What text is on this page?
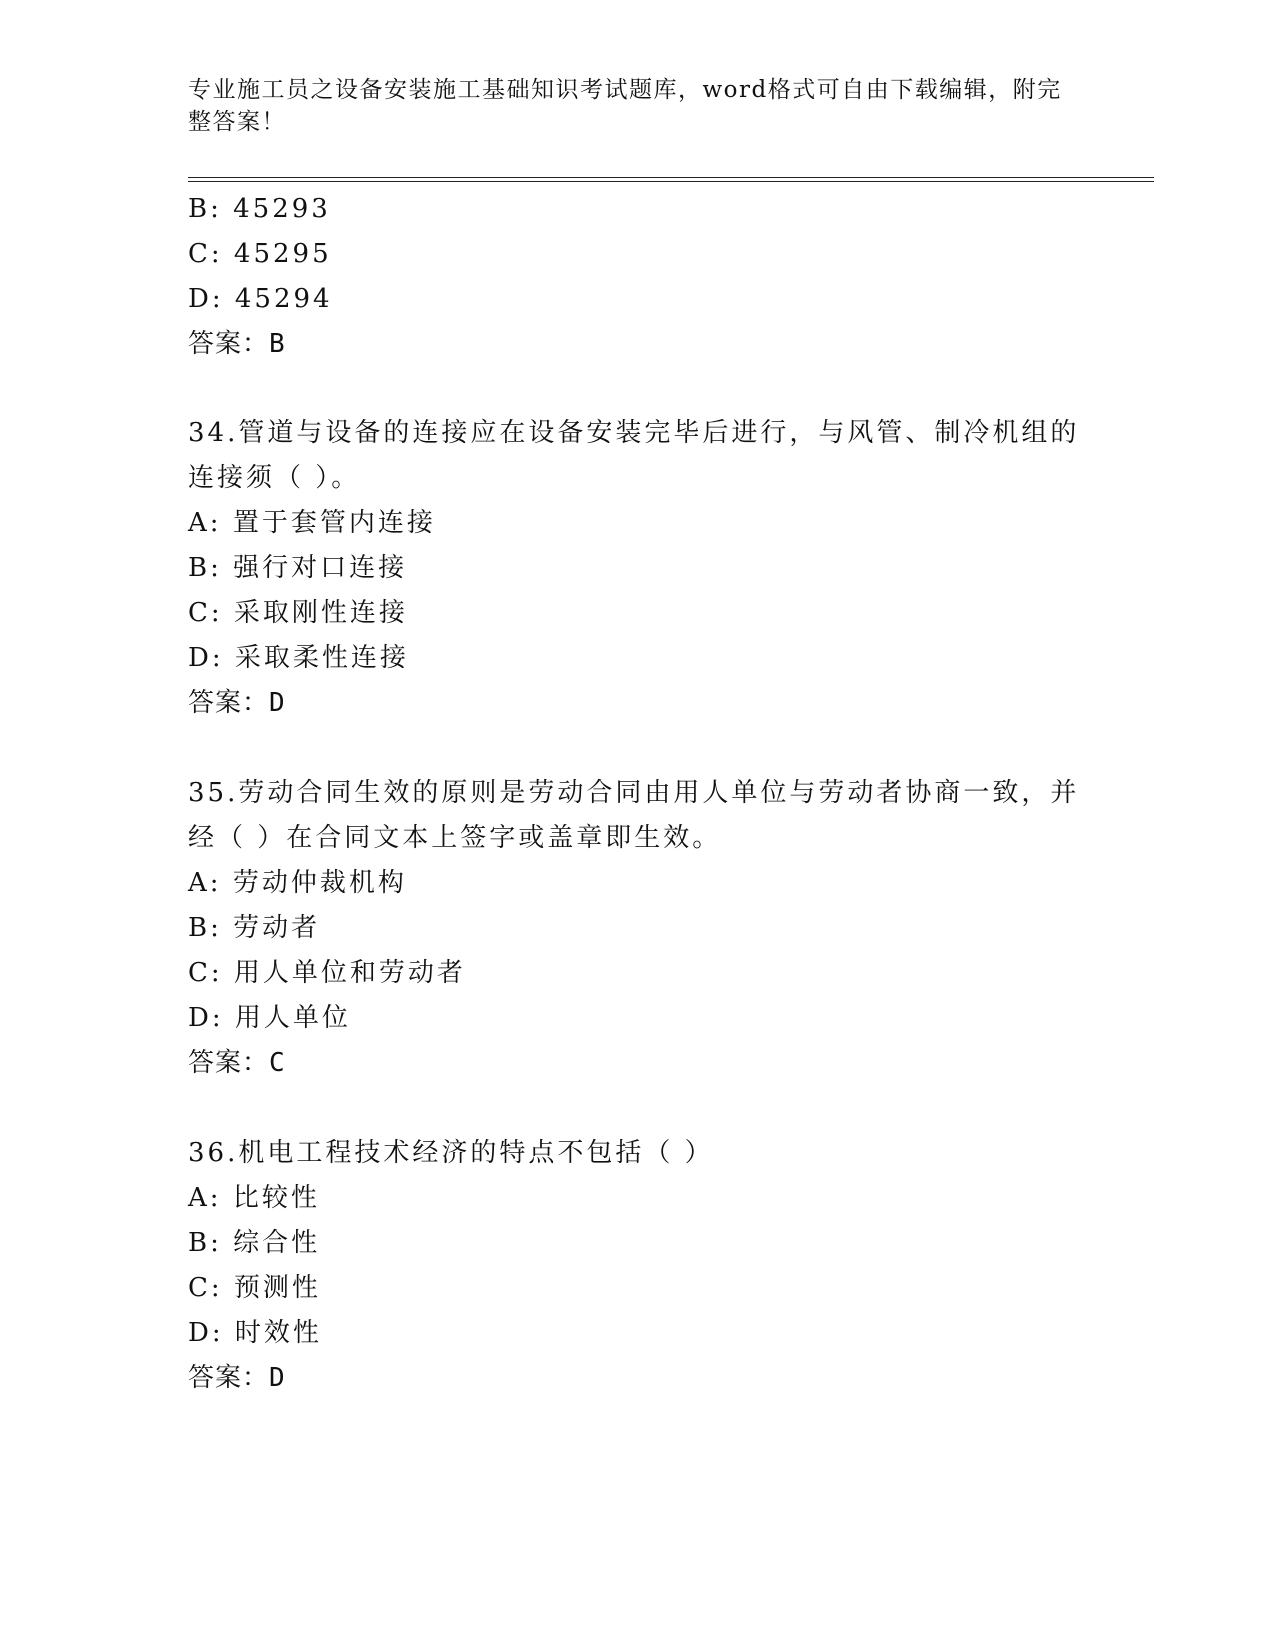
专业施工员之设备安装施工基础知识考试题库，word格式可自由下载编辑，附完
整答案！
B: 45293
C: 45295
D: 45294
答案：B
34.管道与设备的连接应在设备安装完毕后进行，与风管、制冷机组的
连接须（ ）。
A: 置于套管内连接
B: 强行对口连接
C: 采取刚性连接
D: 采取柔性连接
答案：D
35.劳动合同生效的原则是劳动合同由用人单位与劳动者协商一致，并
经（ ）在合同文本上签字或盖章即生效。
A: 劳动仲裁机构
B: 劳动者
C: 用人单位和劳动者
D: 用人单位
答案：C
36.机电工程技术经济的特点不包括（ ）
A: 比较性
B: 综合性
C: 预测性
D: 时效性
答案：D
